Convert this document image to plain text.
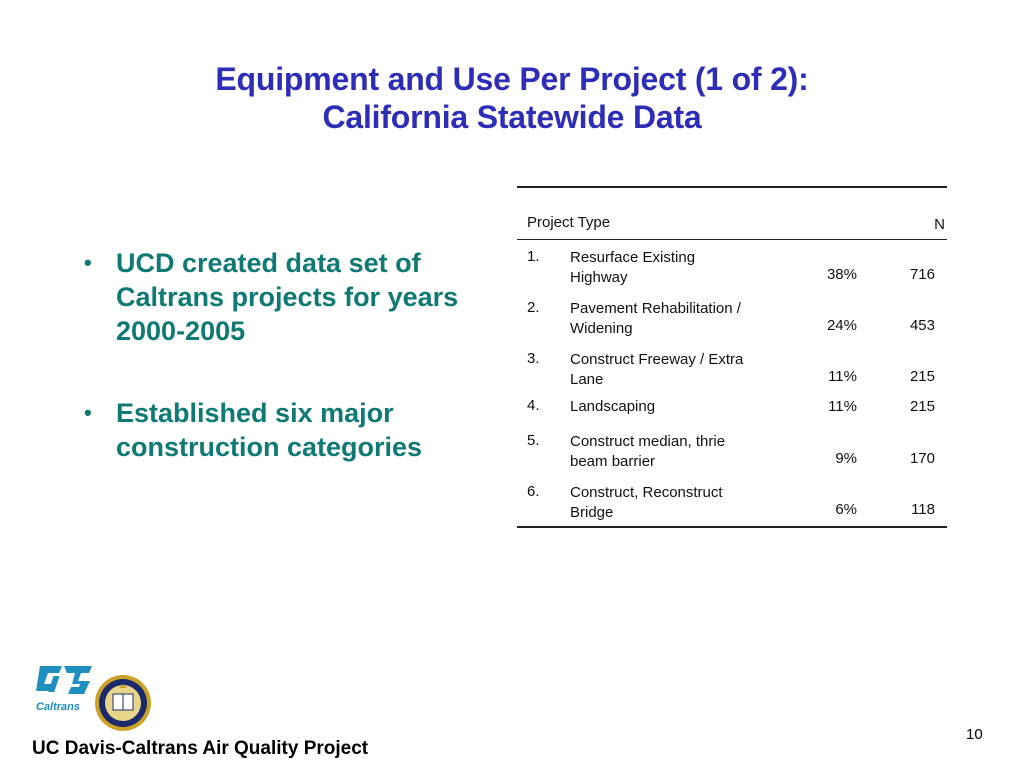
Equipment and Use Per Project (1 of 2):
California Statewide Data
• UCD created data set of Caltrans projects for years 2000-2005
• Established six major construction categories
Project Type	N
1.	Resurface Existing
Highway	38%	716
2.	Pavement Rehabilitation /
Widening	24%	453
3.	Construct Freeway / Extra
Lane	11%	215
4.	Landscaping	11%	215
5.	Construct median, thrie
beam barrier	9%	170
6.	Construct, Reconstruct
Bridge	6%	118
Caltrans
UC Davis-Caltrans Air Quality Project
10
